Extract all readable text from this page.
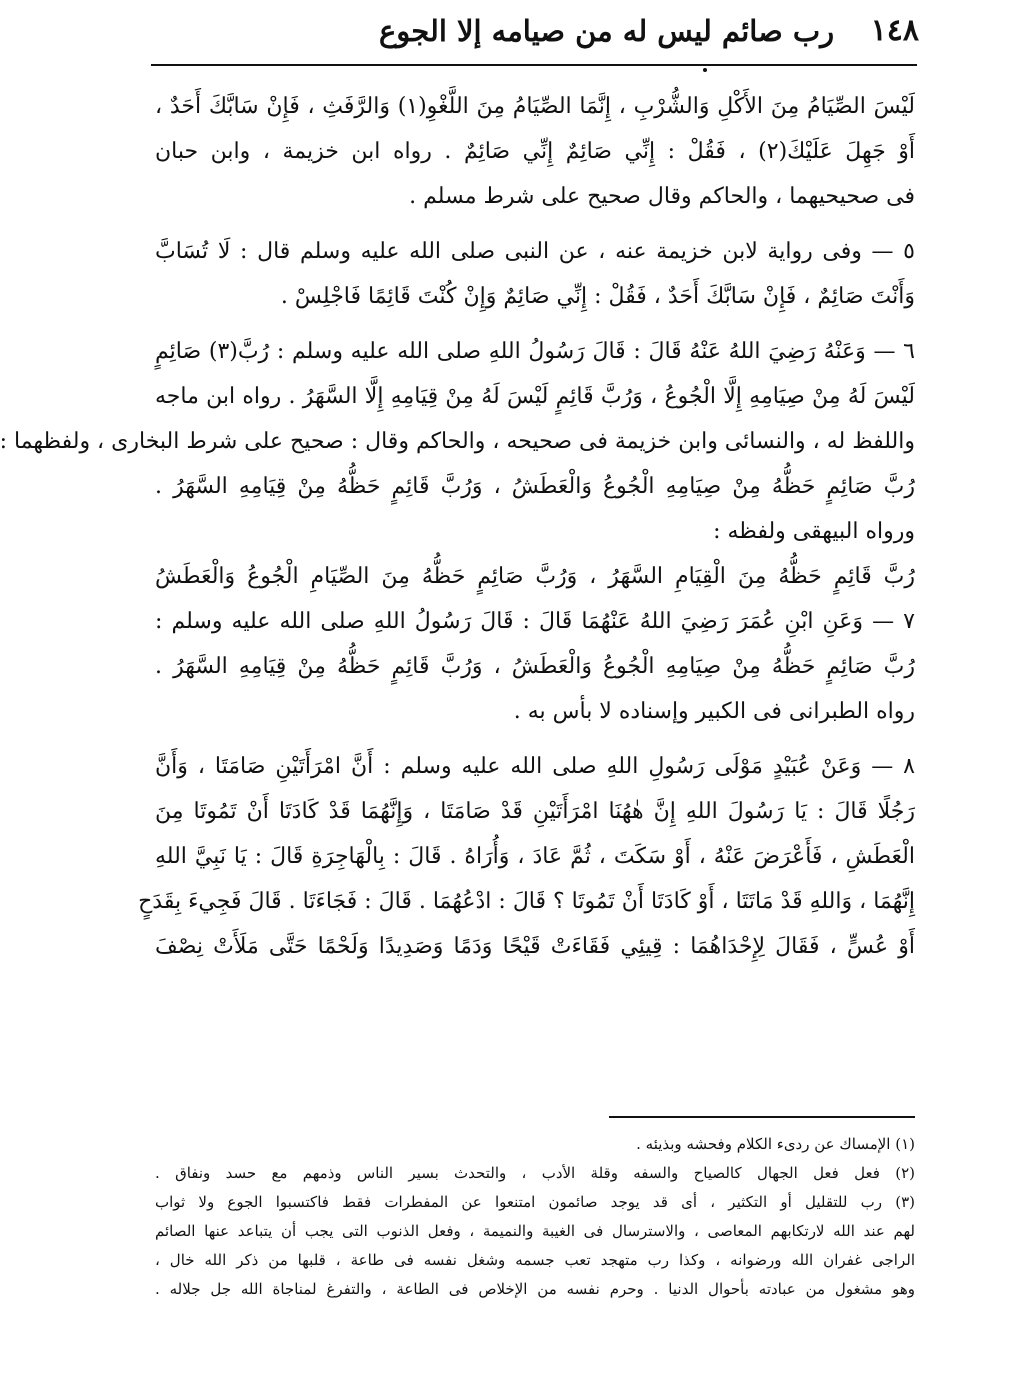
١٤٨
رب صائم ليس له من صيامه إلا الجوع

لَيْسَ الصِّيَامُ مِنَ الأَكْلِ وَالشُّرْبِ ، إِنَّمَا الصِّيَامُ مِنَ اللَّغْوِ(١) وَالرَّفَثِ ، فَإِنْ سَابَّكَ أَحَدٌ ،

أَوْ جَهِلَ عَلَيْكَ(٢) ، فَقُلْ : إِنِّي صَائِمٌ إِنِّي صَائِمٌ . رواه ابن خزيمة ، وابن حبان

فى صحيحيهما ، والحاكم وقال صحيح على شرط مسلم .

٥ — وفى رواية لابن خزيمة عنه ، عن النبى صلى الله عليه وسلم قال : لَا تُسَابَّ

وَأَنْتَ صَائِمٌ ، فَإِنْ سَابَّكَ أَحَدٌ ، فَقُلْ : إِنِّي صَائِمٌ وَإِنْ كُنْتَ قَائِمًا فَاجْلِسْ .

٦ — وَعَنْهُ رَضِيَ اللهُ عَنْهُ قَالَ : قَالَ رَسُولُ اللهِ صلى الله عليه وسلم : رُبَّ(٣) صَائِمٍ

لَيْسَ لَهُ مِنْ صِيَامِهِ إِلَّا الْجُوعُ ، وَرُبَّ قَائِمٍ لَيْسَ لَهُ مِنْ قِيَامِهِ إِلَّا السَّهَرُ . رواه ابن ماجه

واللفظ له ، والنسائى وابن خزيمة فى صحيحه ، والحاكم وقال : صحيح على شرط البخارى ، ولفظهما :

رُبَّ صَائِمٍ حَظُّهُ مِنْ صِيَامِهِ الْجُوعُ وَالْعَطَشُ ، وَرُبَّ قَائِمٍ حَظُّهُ مِنْ قِيَامِهِ السَّهَرُ .

ورواه البيهقى ولفظه :

رُبَّ قَائِمٍ حَظُّهُ مِنَ الْقِيَامِ السَّهَرُ ، وَرُبَّ صَائِمٍ حَظُّهُ مِنَ الصِّيَامِ الْجُوعُ وَالْعَطَشُ

٧ — وَعَنِ ابْنِ عُمَرَ رَضِيَ اللهُ عَنْهُمَا قَالَ : قَالَ رَسُولُ اللهِ صلى الله عليه وسلم :

رُبَّ صَائِمٍ حَظُّهُ مِنْ صِيَامِهِ الْجُوعُ وَالْعَطَشُ ، وَرُبَّ قَائِمٍ حَظُّهُ مِنْ قِيَامِهِ السَّهَرُ .

رواه الطبرانى فى الكبير وإسناده لا بأس به .

٨ — وَعَنْ عُبَيْدٍ مَوْلَى رَسُولِ اللهِ صلى الله عليه وسلم : أَنَّ امْرَأَتَيْنِ صَامَتَا ، وَأَنَّ

رَجُلًا قَالَ : يَا رَسُولَ اللهِ إِنَّ هٰهُنَا امْرَأَتَيْنِ قَدْ صَامَتَا ، وَإِنَّهُمَا قَدْ كَادَتَا أَنْ تَمُوتَا مِنَ

الْعَطَشِ ، فَأَعْرَضَ عَنْهُ ، أَوْ سَكَتَ ، ثُمَّ عَادَ ، وَأُرَاهُ . قَالَ : بِالْهَاجِرَةِ قَالَ : يَا نَبِيَّ اللهِ

إِنَّهُمَا ، وَاللهِ قَدْ مَاتَتَا ، أَوْ كَادَتَا أَنْ تَمُوتَا ؟ قَالَ : ادْعُهُمَا . قَالَ : فَجَاءَتَا . قَالَ فَجِيءَ بِقَدَحٍ

أَوْ عُسٍّ ، فَقَالَ لِإِحْدَاهُمَا : قِيئِي فَقَاءَتْ قَيْحًا وَدَمًا وَصَدِيدًا وَلَحْمًا حَتَّى مَلَأَتْ نِصْفَ

(١) الإمساك عن ردىء الكلام وفحشه وبذيئه .

(٢) فعل فعل الجهال كالصياح والسفه وقلة الأدب ، والتحدث بسير الناس وذمهم مع حسد ونفاق .

(٣) رب للتقليل أو التكثير ، أى قد يوجد صائمون امتنعوا عن المفطرات فقط فاكتسبوا الجوع ولا ثواب

لهم عند الله لارتكابهم المعاصى ، والاسترسال فى الغيبة والنميمة ، وفعل الذنوب التى يجب أن يتباعد عنها الصائم

الراجى غفران الله ورضوانه ، وكذا رب متهجد تعب جسمه وشغل نفسه فى طاعة ، قلبها من ذكر الله خال ،

وهو مشغول من عبادته بأحوال الدنيا . وحرم نفسه من الإخلاص فى الطاعة ، والتفرغ لمناجاة الله جل جلاله .
